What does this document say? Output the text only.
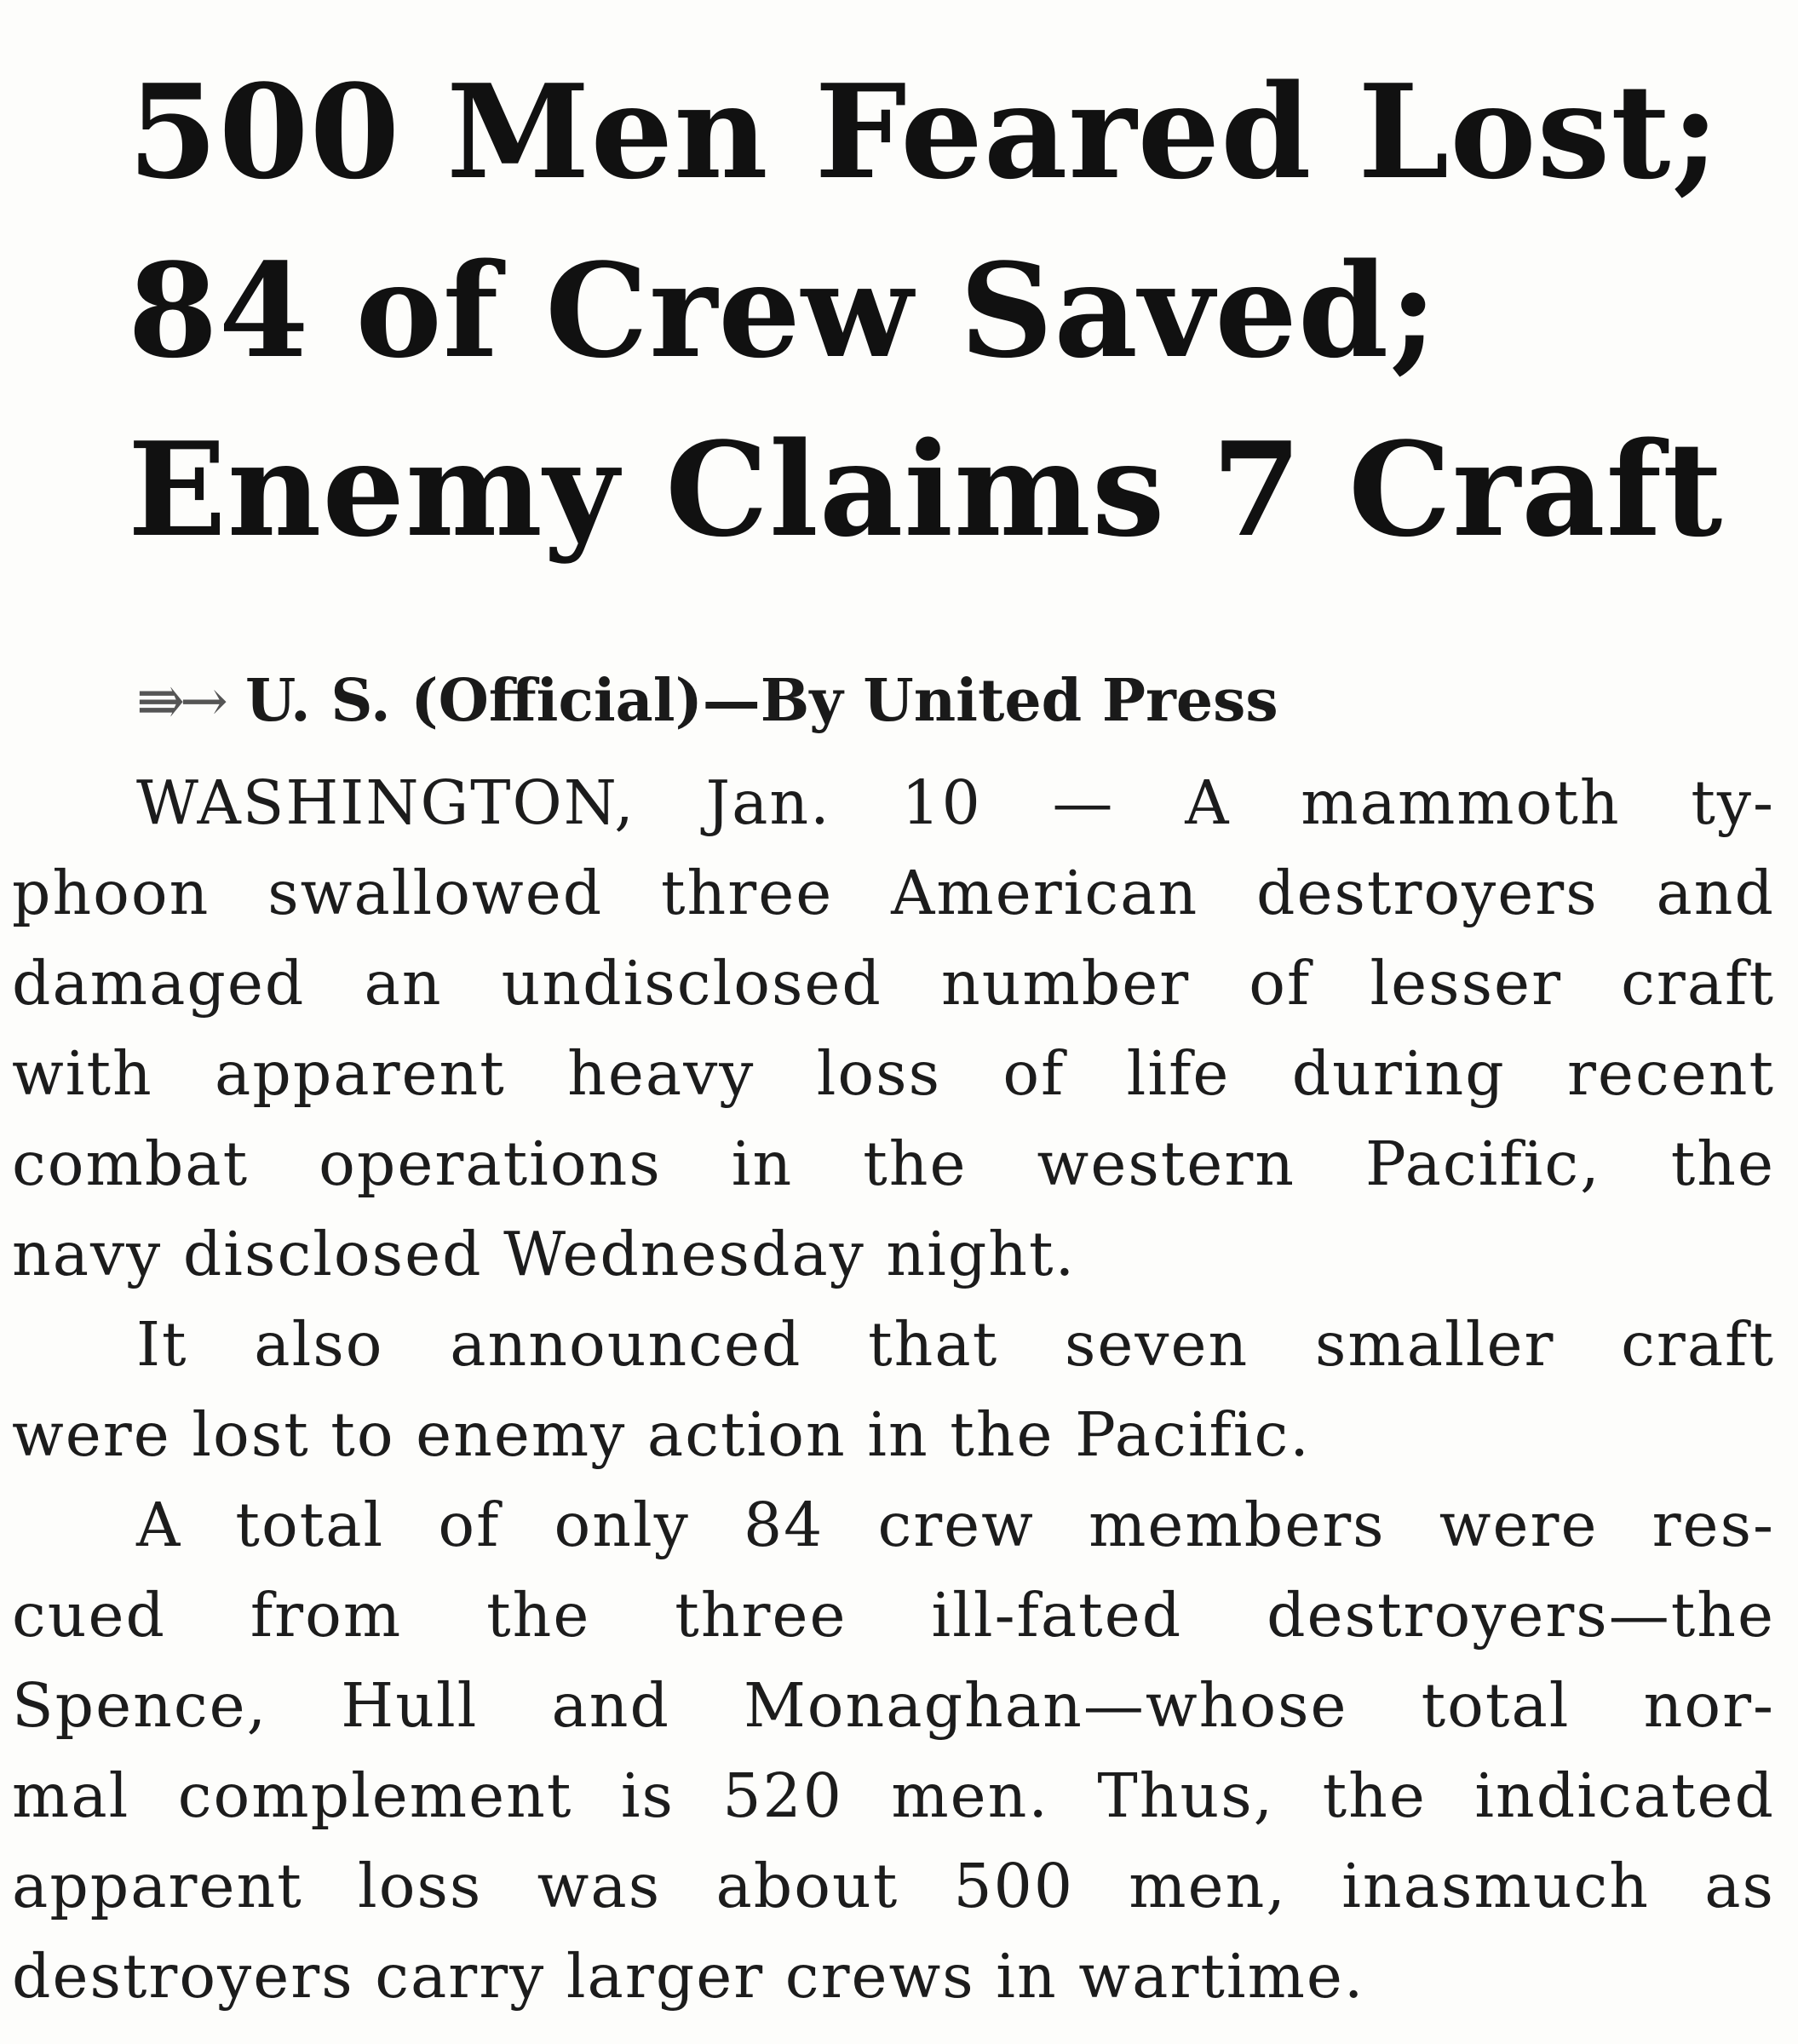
500 Men Feared Lost;
84 of Crew Saved;
Enemy Claims 7 Craft
⇛→ U. S. (Official)—By United Press
WASHINGTON, Jan. 10 — A mammoth ty-
phoon swallowed three American destroyers and
damaged an undisclosed number of lesser craft
with apparent heavy loss of life during recent
combat operations in the western Pacific, the
navy disclosed Wednesday night.
It also announced that seven smaller craft
were lost to enemy action in the Pacific.
A total of only 84 crew members were res-
cued from the three ill-fated destroyers—the
Spence, Hull and Monaghan—whose total nor-
mal complement is 520 men. Thus, the indicated
apparent loss was about 500 men, inasmuch as
destroyers carry larger crews in wartime.
